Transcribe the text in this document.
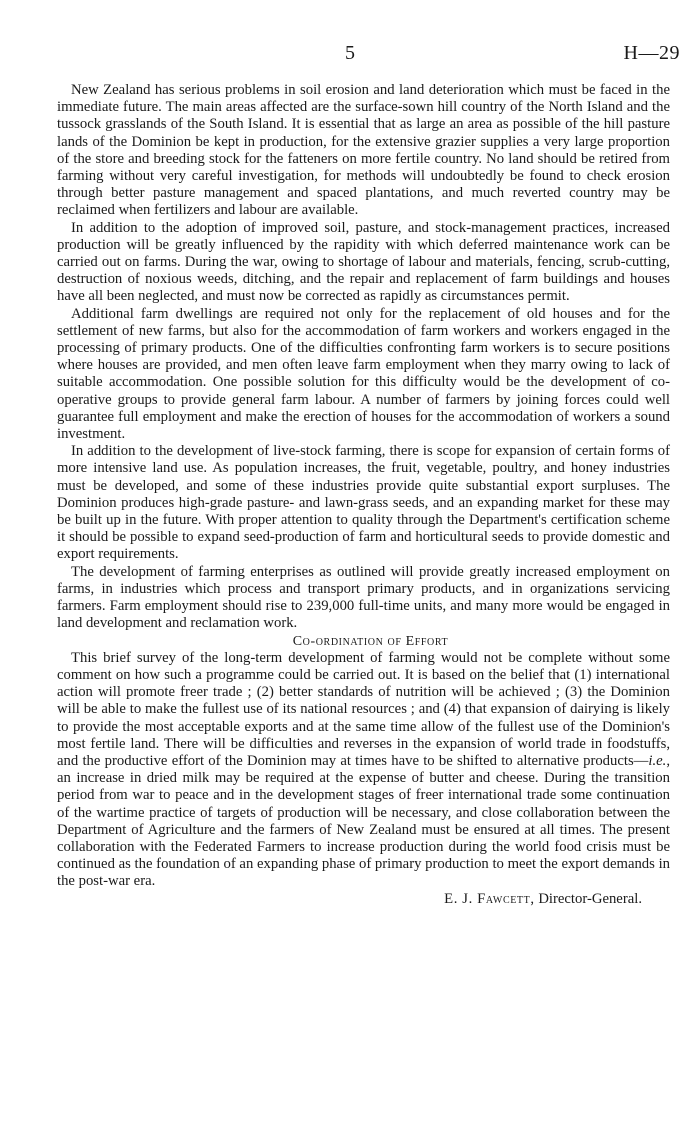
5	H—29

New Zealand has serious problems in soil erosion and land deterioration which must be faced in the immediate future. The main areas affected are the surface-sown hill country of the North Island and the tussock grasslands of the South Island. It is essential that as large an area as possible of the hill pasture lands of the Dominion be kept in production, for the extensive grazier supplies a very large proportion of the store and breeding stock for the fatteners on more fertile country. No land should be retired from farming without very careful investigation, for methods will undoubtedly be found to check erosion through better pasture management and spaced plantations, and much reverted country may be reclaimed when fertilizers and labour are available.

In addition to the adoption of improved soil, pasture, and stock-management practices, increased production will be greatly influenced by the rapidity with which deferred maintenance work can be carried out on farms. During the war, owing to shortage of labour and materials, fencing, scrub-cutting, destruction of noxious weeds, ditching, and the repair and replacement of farm buildings and houses have all been neglected, and must now be corrected as rapidly as circumstances permit.

Additional farm dwellings are required not only for the replacement of old houses and for the settlement of new farms, but also for the accommodation of farm workers and workers engaged in the processing of primary products. One of the difficulties confronting farm workers is to secure positions where houses are provided, and men often leave farm employment when they marry owing to lack of suitable accommodation. One possible solution for this difficulty would be the development of co-operative groups to provide general farm labour. A number of farmers by joining forces could well guarantee full employment and make the erection of houses for the accommodation of workers a sound investment.

In addition to the development of live-stock farming, there is scope for expansion of certain forms of more intensive land use. As population increases, the fruit, vegetable, poultry, and honey industries must be developed, and some of these industries provide quite substantial export surpluses. The Dominion produces high-grade pasture- and lawn-grass seeds, and an expanding market for these may be built up in the future. With proper attention to quality through the Department's certification scheme it should be possible to expand seed-production of farm and horticultural seeds to provide domestic and export requirements.

The development of farming enterprises as outlined will provide greatly increased employment on farms, in industries which process and transport primary products, and in organizations servicing farmers. Farm employment should rise to 239,000 full-time units, and many more would be engaged in land development and reclamation work.

Co-ordination of Effort

This brief survey of the long-term development of farming would not be complete without some comment on how such a programme could be carried out. It is based on the belief that (1) international action will promote freer trade ; (2) better standards of nutrition will be achieved ; (3) the Dominion will be able to make the fullest use of its national resources ; and (4) that expansion of dairying is likely to provide the most acceptable exports and at the same time allow of the fullest use of the Dominion's most fertile land. There will be difficulties and reverses in the expansion of world trade in foodstuffs, and the productive effort of the Dominion may at times have to be shifted to alternative products—i.e., an increase in dried milk may be required at the expense of butter and cheese. During the transition period from war to peace and in the development stages of freer international trade some continuation of the wartime practice of targets of production will be necessary, and close collaboration between the Department of Agriculture and the farmers of New Zealand must be ensured at all times. The present collaboration with the Federated Farmers to increase production during the world food crisis must be continued as the foundation of an expanding phase of primary production to meet the export demands in the post-war era.

E. J. Fawcett, Director-General.
